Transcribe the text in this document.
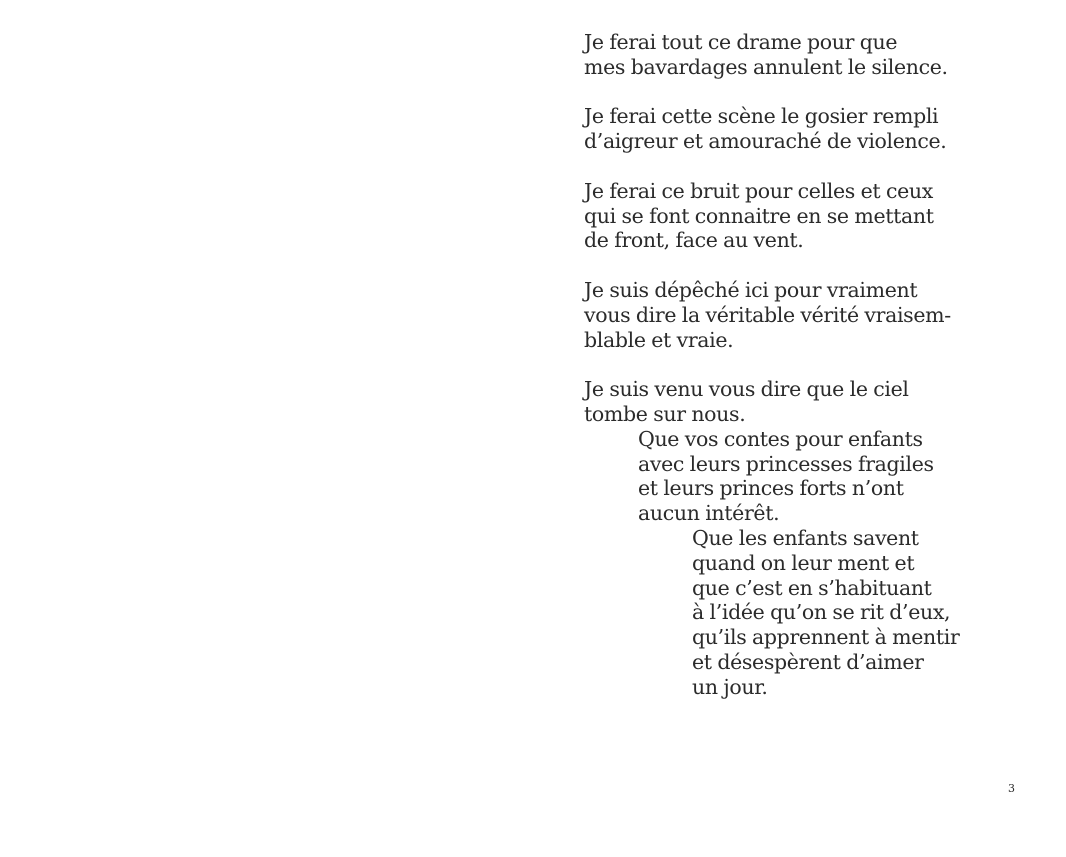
Je ferai tout ce drame pour que
mes bavardages annulent le silence.
Je ferai cette scène le gosier rempli
d’aigreur et amouraché de violence.
Je ferai ce bruit pour celles et ceux
qui se font connaitre en se mettant
de front, face au vent.
Je suis dépêché ici pour vraiment
vous dire la véritable vérité vraisem-
blable et vraie.
Je suis venu vous dire que le ciel
tombe sur nous.
Que vos contes pour enfants
avec leurs princesses fragiles
et leurs princes forts n’ont
aucun intérêt.
Que les enfants savent
quand on leur ment et
que c’est en s’habituant
à l’idée qu’on se rit d’eux,
qu’ils apprennent à mentir
et désespèrent d’aimer
un jour.
3
